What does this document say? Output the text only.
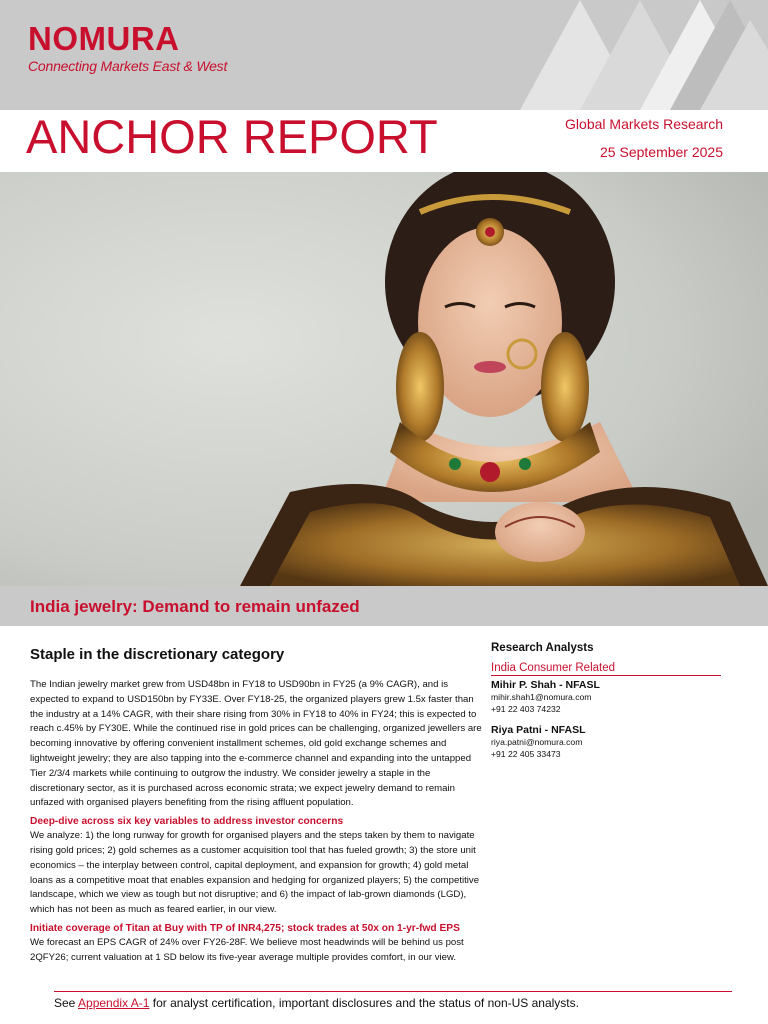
NOMURA
Connecting Markets East & West
ANCHOR REPORT	Global Markets Research
25 September 2025
India jewelry: Demand to remain unfazed
Staple in the discretionary category

The Indian jewelry market grew from USD48bn in FY18 to USD90bn in FY25 (a 9% CAGR), and is expected to expand to USD150bn by FY33E. Over FY18-25, the organized players grew 1.5x faster than the industry at a 14% CAGR, with their share rising from 30% in FY18 to 40% in FY24; this is expected to reach c.45% by FY30E. While the continued rise in gold prices can be challenging, organized jewellers are becoming innovative by offering convenient installment schemes, old gold exchange schemes and lightweight jewelry; they are also tapping into the e-commerce channel and expanding into the untapped Tier 2/3/4 markets while continuing to outgrow the industry. We consider jewelry a staple in the discretionary sector, as it is purchased across economic strata; we expect jewelry demand to remain unfazed with organised players benefiting from the rising affluent population.

Deep-dive across six key variables to address investor concerns

We analyze: 1) the long runway for growth for organised players and the steps taken by them to navigate rising gold prices; 2) gold schemes as a customer acquisition tool that has fueled growth; 3) the store unit economics – the interplay between control, capital deployment, and expansion for growth; 4) gold metal loans as a competitive moat that enables expansion and hedging for organized players; 5) the competitive landscape, which we view as tough but not disruptive; and 6) the impact of lab-grown diamonds (LGD), which has not been as much as feared earlier, in our view.

Initiate coverage of Titan at Buy with TP of INR4,275; stock trades at 50x on 1-yr-fwd EPS

We forecast an EPS CAGR of 24% over FY26-28F. We believe most headwinds will be behind us post 2QFY26; current valuation at 1 SD below its five-year average multiple provides comfort, in our view.

Research Analysts
India Consumer Related
Mihir P. Shah - NFASL
mihir.shah1@nomura.com
+91 22 403 74232
Riya Patni - NFASL
riya.patni@nomura.com
+91 22 405 33473
See Appendix A-1 for analyst certification, important disclosures and the status of non-US analysts.
